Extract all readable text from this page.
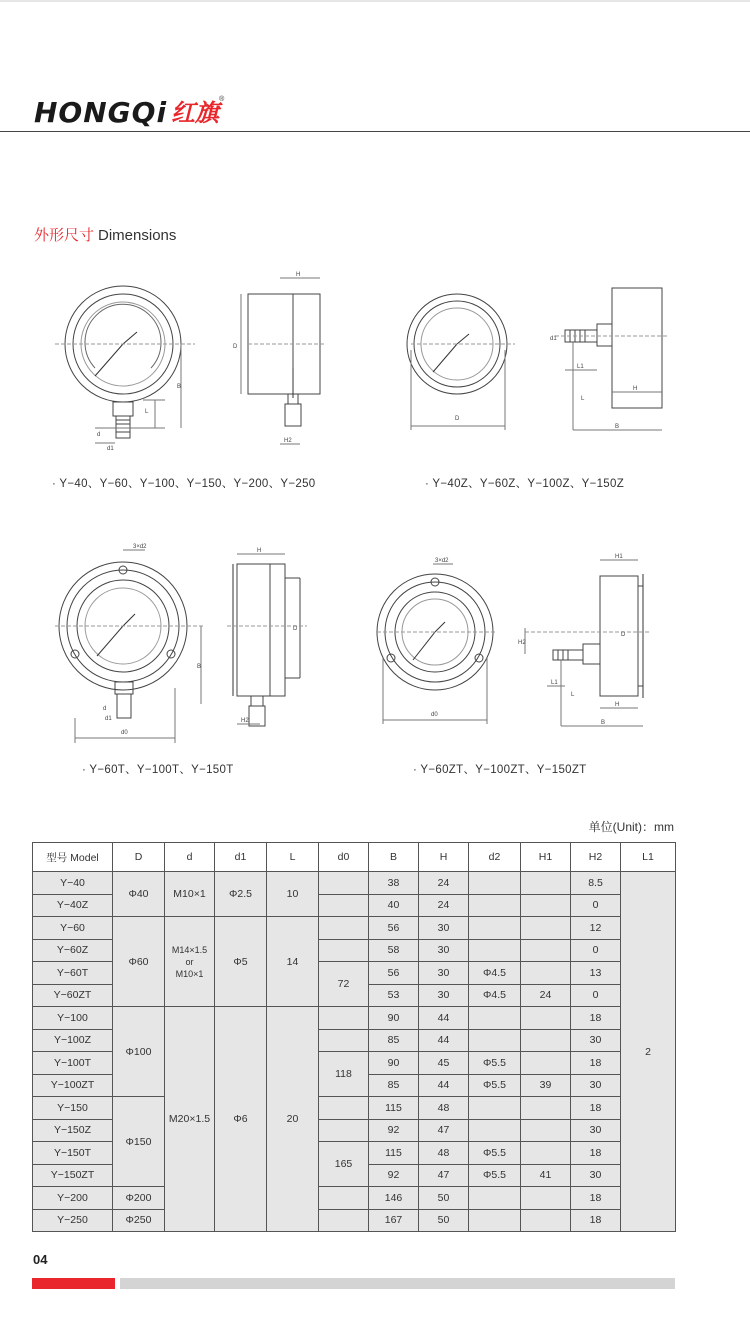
HONGQi 红旗 ®
外形尺寸 Dimensions
H
D
B
L
d
d1
H2
· Y−40、Y−60、Y−100、Y−150、Y−200、Y−250
D
B
H
L1
L
d1
· Y−40Z、Y−60Z、Y−100Z、Y−150Z
3×d2
H
D
B
d0
H2
d
d1
· Y−60T、Y−100T、Y−150T
3×d2
H1
D
d0
B
H
L1
L
H2
· Y−60ZT、Y−100ZT、Y−150ZT
单位(Unit)：mm
型号 Model	D	d	d1	L	d0	B	H	d2	H1	H2	L1
Y−40	Φ40	M10×1	Φ2.5	10		38	24			8.5	2
Y−40Z						40	24			0	
Y−60	Φ60	M14×1.5
or
M10×1	Φ5	14		56	30			12	
Y−60Z						58	30			0	
Y−60T					72	56	30	Φ4.5		13	
Y−60ZT						53	30	Φ4.5	24	0	
Y−100	Φ100	M20×1.5	Φ6	20		90	44			18	
Y−100Z						85	44			30	
Y−100T					118	90	45	Φ5.5		18	
Y−100ZT						85	44	Φ5.5	39	30	
Y−150	Φ150					115	48			18	
Y−150Z						92	47			30	
Y−150T					165	115	48	Φ5.5		18	
Y−150ZT						92	47	Φ5.5	41	30	
Y−200	Φ200					146	50			18	
Y−250	Φ250					167	50			18	
04
